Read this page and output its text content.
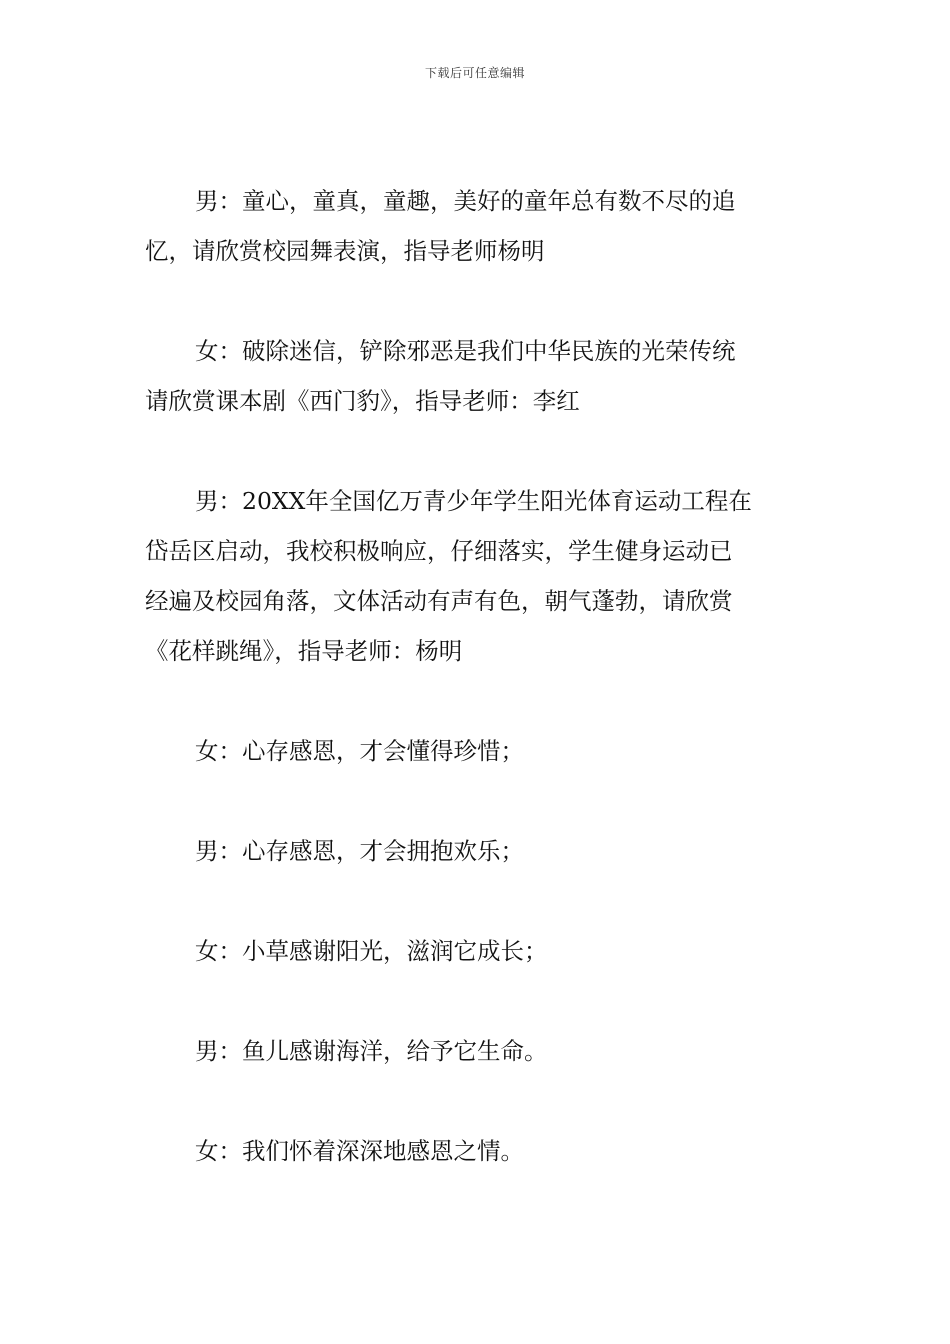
下载后可任意编辑

男：童心，童真，童趣，美好的童年总有数不尽的追
忆，请欣赏校园舞表演，指导老师杨明

女：破除迷信，铲除邪恶是我们中华民族的光荣传统
请欣赏课本剧《西门豹》，指导老师：李红

男：20XX年全国亿万青少年学生阳光体育运动工程在
岱岳区启动，我校积极响应，仔细落实，学生健身运动已
经遍及校园角落，文体活动有声有色，朝气蓬勃，请欣赏
《花样跳绳》，指导老师：杨明

女：心存感恩，才会懂得珍惜；
男：心存感恩，才会拥抱欢乐；
女：小草感谢阳光，滋润它成长；
男：鱼儿感谢海洋，给予它生命。
女：我们怀着深深地感恩之情。
